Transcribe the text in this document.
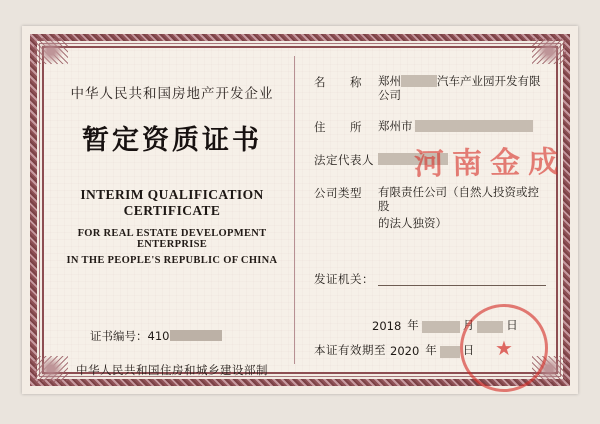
中华人民共和国房地产开发企业
暂定资质证书
INTERIM QUALIFICATION CERTIFICATE
FOR REAL ESTATE DEVELOPMENT ENTERPRISE
IN THE PEOPLE'S REPUBLIC OF CHINA
证书编号：410
中华人民共和国住房和城乡建设部制
名　　称	郑州	汽车产业园开发有限公司
住　　所	郑州市
法定代表人
公司类型	有限责任公司（自然人投资或控股
的法人独资）
发证机关：
2018 年	月	日
本证有效期至 2020 年 日
河南金成
★
